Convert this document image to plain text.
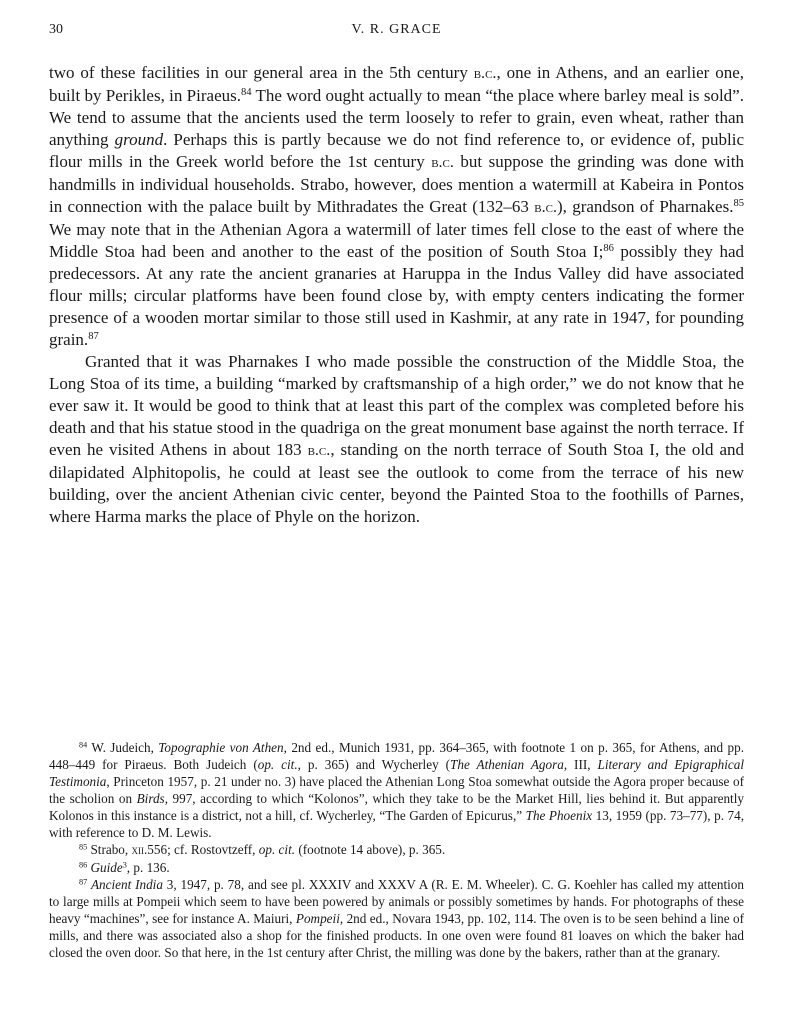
30	V. R. GRACE

two of these facilities in our general area in the 5th century b.c., one in Athens, and an earlier one, built by Perikles, in Piraeus.$^{84}$ The word ought actually to mean “the place where barley meal is sold”. We tend to assume that the ancients used the term loosely to refer to grain, even wheat, rather than anything ground. Perhaps this is partly because we do not find reference to, or evidence of, public flour mills in the Greek world before the 1st century b.c. but suppose the grinding was done with handmills in individual households. Strabo, however, does mention a watermill at Kabeira in Pontos in connection with the palace built by Mithradates the Great (132–63 b.c.), grandson of Pharnakes.$^{85}$ We may note that in the Athenian Agora a watermill of later times fell close to the east of where the Middle Stoa had been and another to the east of the position of South Stoa I;$^{86}$ possibly they had predecessors. At any rate the ancient granaries at Haruppa in the Indus Valley did have associated flour mills; circular platforms have been found close by, with empty centers indicating the former presence of a wooden mortar similar to those still used in Kashmir, at any rate in 1947, for pounding grain.$^{87}$

Granted that it was Pharnakes I who made possible the construction of the Middle Stoa, the Long Stoa of its time, a building “marked by craftsmanship of a high order,” we do not know that he ever saw it. It would be good to think that at least this part of the complex was completed before his death and that his statue stood in the quadriga on the great monument base against the north terrace. If even he visited Athens in about 183 b.c., standing on the north terrace of South Stoa I, the old and dilapidated Alphitopolis, he could at least see the outlook to come from the terrace of his new building, over the ancient Athenian civic center, beyond the Painted Stoa to the foothills of Parnes, where Harma marks the place of Phyle on the horizon.

$^{84}$ W. Judeich, Topographie von Athen, 2nd ed., Munich 1931, pp. 364–365, with footnote 1 on p. 365, for Athens, and pp. 448–449 for Piraeus. Both Judeich (op. cit., p. 365) and Wycherley (The Athenian Agora, III, Literary and Epigraphical Testimonia, Princeton 1957, p. 21 under no. 3) have placed the Athenian Long Stoa somewhat outside the Agora proper because of the scholion on Birds, 997, according to which “Kolonos”, which they take to be the Market Hill, lies behind it. But apparently Kolonos in this instance is a district, not a hill, cf. Wycherley, “The Garden of Epicurus,” The Phoenix 13, 1959 (pp. 73–77), p. 74, with reference to D. M. Lewis.

$^{85}$ Strabo, xii.556; cf. Rostovtzeff, op. cit. (footnote 14 above), p. 365.

$^{86}$ Guide$^3$, p. 136.

$^{87}$ Ancient India 3, 1947, p. 78, and see pl. XXXIV and XXXV A (R. E. M. Wheeler). C. G. Koehler has called my attention to large mills at Pompeii which seem to have been powered by animals or possibly sometimes by hands. For photographs of these heavy “machines”, see for instance A. Maiuri, Pompeii, 2nd ed., Novara 1943, pp. 102, 114. The oven is to be seen behind a line of mills, and there was associated also a shop for the finished products. In one oven were found 81 loaves on which the baker had closed the oven door. So that here, in the 1st century after Christ, the milling was done by the bakers, rather than at the granary.
